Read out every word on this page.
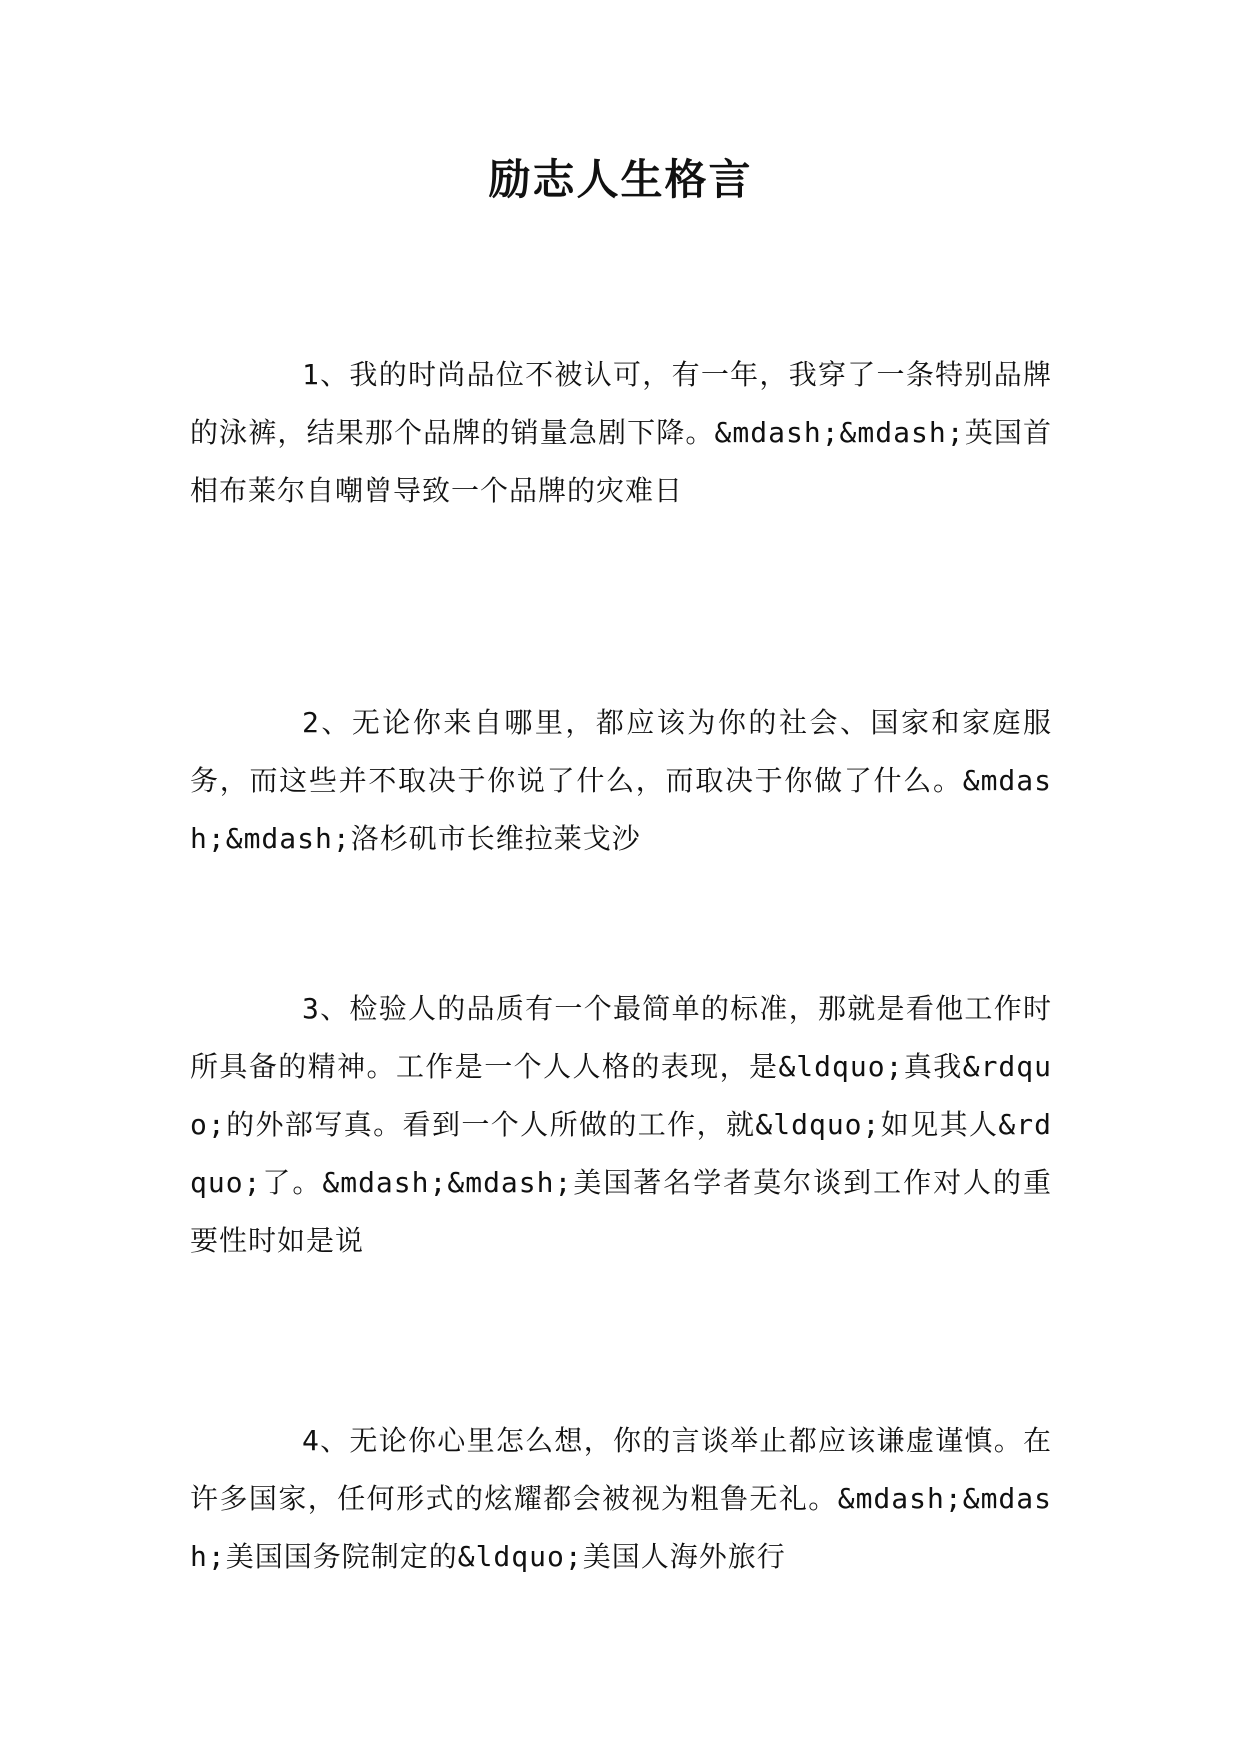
励志人生格言

1、我的时尚品位不被认可，有一年，我穿了一条特别品牌的泳裤，结果那个品牌的销量急剧下降。&mdash;&mdash;英国首相布莱尔自嘲曾导致一个品牌的灾难日

2、无论你来自哪里，都应该为你的社会、国家和家庭服务，而这些并不取决于你说了什么，而取决于你做了什么。&mdash;&mdash;洛杉矶市长维拉莱戈沙

3、检验人的品质有一个最简单的标准，那就是看他工作时所具备的精神。工作是一个人人格的表现，是&ldquo;真我&rdquo;的外部写真。看到一个人所做的工作，就&ldquo;如见其人&rdquo;了。&mdash;&mdash;美国著名学者莫尔谈到工作对人的重要性时如是说

4、无论你心里怎么想，你的言谈举止都应该谦虚谨慎。在许多国家，任何形式的炫耀都会被视为粗鲁无礼。&mdash;&mdash;美国国务院制定的&ldquo;美国人海外旅行
